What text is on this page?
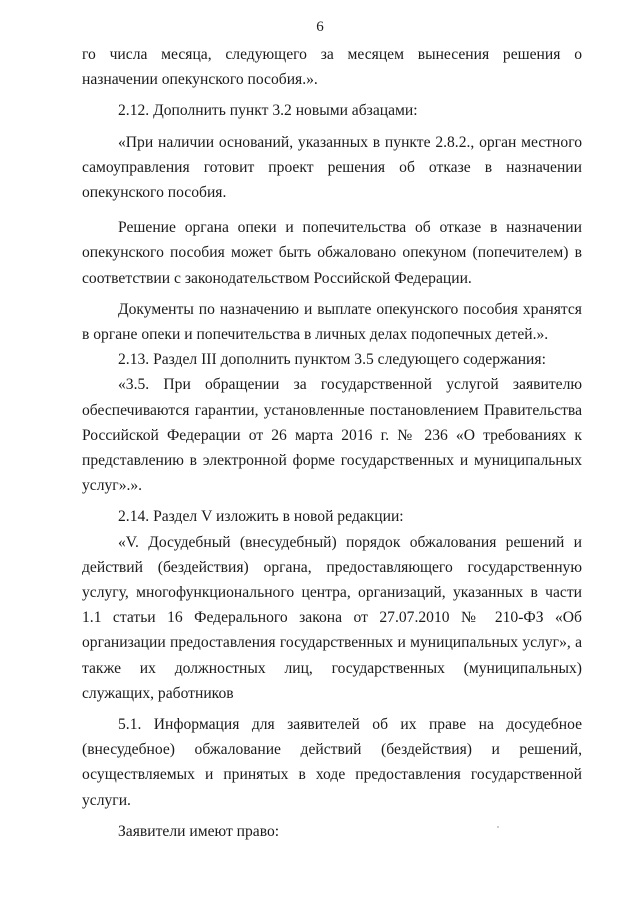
6

го числа месяца, следующего за месяцем вынесения решения о назначении опекунского пособия.».

2.12. Дополнить пункт 3.2 новыми абзацами:

«При наличии оснований, указанных в пункте 2.8.2., орган местного самоуправления готовит проект решения об отказе в назначении опекунского пособия.

Решение органа опеки и попечительства об отказе в назначении опекунского пособия может быть обжаловано опекуном (попечителем) в соответствии с законодательством Российской Федерации.

Документы по назначению и выплате опекунского пособия хранятся в органе опеки и попечительства в личных делах подопечных детей.».

2.13. Раздел III дополнить пунктом 3.5 следующего содержания:

«3.5. При обращении за государственной услугой заявителю обеспечиваются гарантии, установленные постановлением Правительства Российской Федерации от 26 марта 2016 г. № 236 «О требованиях к представлению в электронной форме государственных и муниципальных услуг».».

2.14. Раздел V изложить в новой редакции:

«V. Досудебный (внесудебный) порядок обжалования решений и действий (бездействия) органа, предоставляющего государственную услугу, многофункционального центра, организаций, указанных в части 1.1 статьи 16 Федерального закона от 27.07.2010 № 210-ФЗ «Об организации предоставления государственных и муниципальных услуг», а также их должностных лиц, государственных (муниципальных) служащих, работников

5.1. Информация для заявителей об их праве на досудебное (внесудебное) обжалование действий (бездействия) и решений, осуществляемых и принятых в ходе предоставления государственной услуги.

Заявители имеют право:
